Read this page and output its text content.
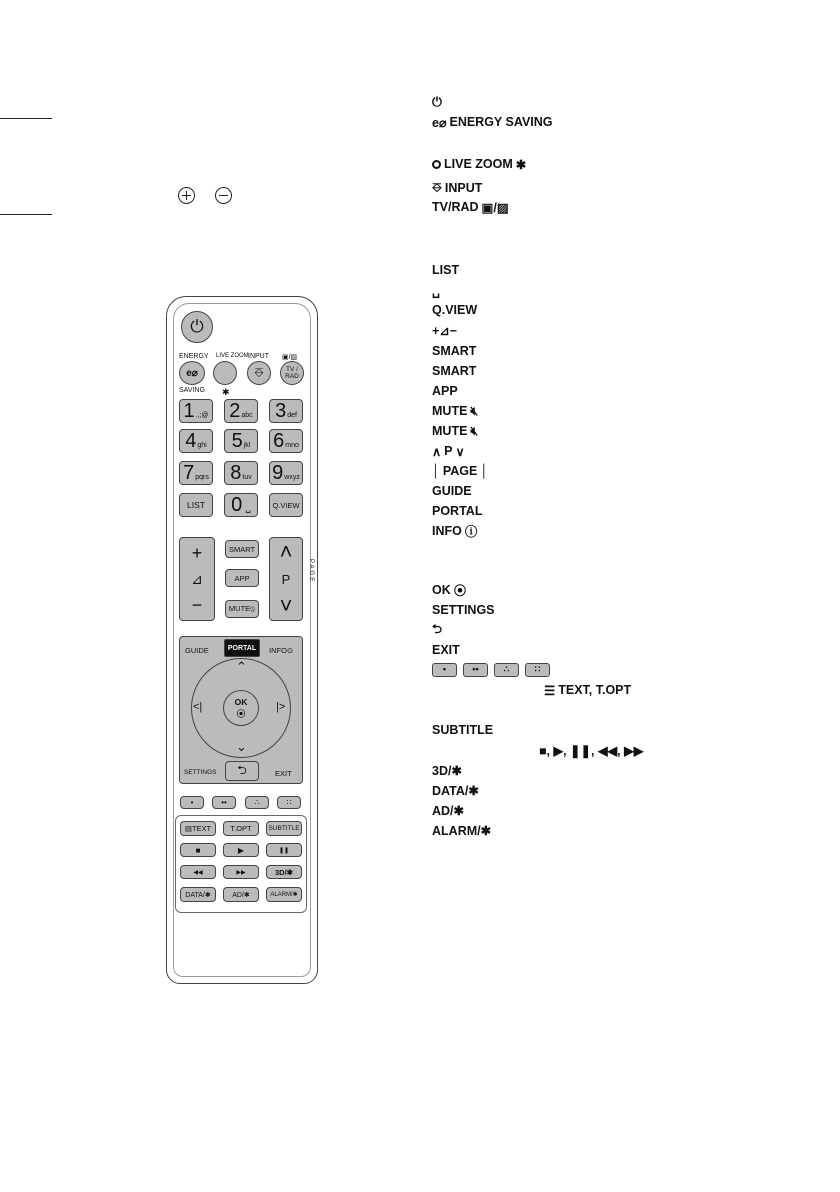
⏻
e⌀ ENERGY SAVING
LIVE ZOOM ✱
⎑ INPUT
TV/RAD ▣/▨
LIST
␣
Q.VIEW
+⊿−
SMART
SMART
APP
MUTE 🔇︎
MUTE 🔇︎
∧ P ∨
│ PAGE │
GUIDE
PORTAL
INFO ⓘ
OK ⦿
SETTINGS
⮌
EXIT
•	••	∴	∷
☰ TEXT, T.OPT
SUBTITLE
■, ▶, ❚❚, ◀◀, ▶▶
3D/✱
DATA/✱
AD/✱
ALARM/✱
⏻
ENERGY LIVE ZOOM INPUT ▣/▨
e⌀	⎑	TV / RAD
SAVING ✱
1 .,;@ 2 abc 3 def
4 ghi 5 jkl 6 mno
7 pqrs 8 tuv 9 wxyz
LIST 0 ␣	Q.VIEW
+
⊿
−
SMART
APP
MUTE⦸
˄
P
˅
PAGE
GUIDE	PORTAL INFO⊙
⌃
⌄
<|	|>
OK
⦿
SETTINGS ⮌	EXIT
•	••	∴	∷
▤TEXT	T.OPT	SUBTITLE
■	▶	❚❚
◀◀	▶▶	3D/✱
DATA/✱	AD/✱	ALARM/✱
